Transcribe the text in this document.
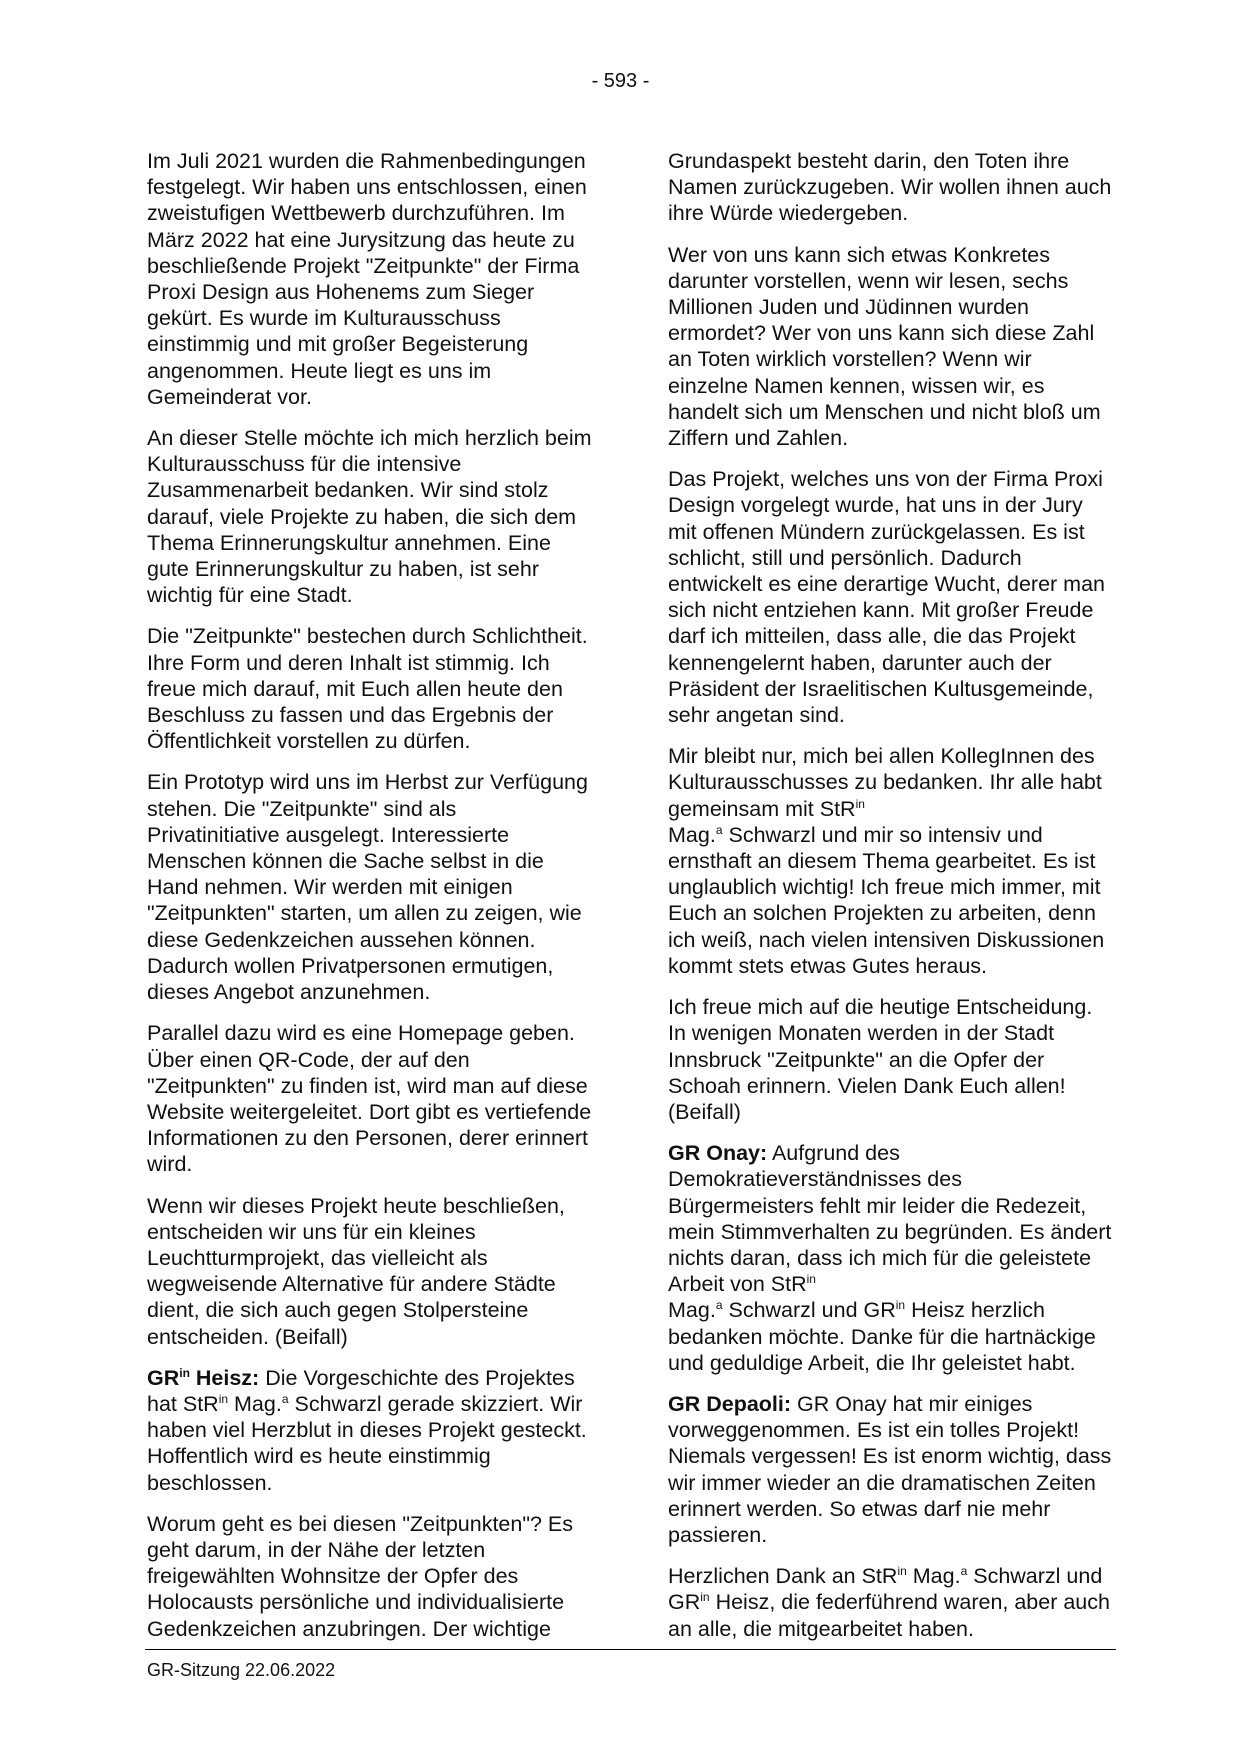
- 593 -

Im Juli 2021 wurden die Rahmenbedingungen festgelegt. Wir haben uns entschlossen, einen zweistufigen Wettbewerb durchzuführen. Im März 2022 hat eine Jurysitzung das heute zu beschließende Projekt "Zeitpunkte" der Firma Proxi Design aus Hohenems zum Sieger gekürt. Es wurde im Kulturausschuss einstimmig und mit großer Begeisterung angenommen. Heute liegt es uns im Gemeinderat vor.

An dieser Stelle möchte ich mich herzlich beim Kulturausschuss für die intensive Zusammenarbeit bedanken. Wir sind stolz darauf, viele Projekte zu haben, die sich dem Thema Erinnerungskultur annehmen. Eine gute Erinnerungskultur zu haben, ist sehr wichtig für eine Stadt.

Die "Zeitpunkte" bestechen durch Schlichtheit. Ihre Form und deren Inhalt ist stimmig. Ich freue mich darauf, mit Euch allen heute den Beschluss zu fassen und das Ergebnis der Öffentlichkeit vorstellen zu dürfen.

Ein Prototyp wird uns im Herbst zur Verfügung stehen. Die "Zeitpunkte" sind als Privatinitiative ausgelegt. Interessierte Menschen können die Sache selbst in die Hand nehmen. Wir werden mit einigen "Zeitpunkten" starten, um allen zu zeigen, wie diese Gedenkzeichen aussehen können. Dadurch wollen Privatpersonen ermutigen, dieses Angebot anzunehmen.

Parallel dazu wird es eine Homepage geben. Über einen QR-Code, der auf den "Zeitpunkten" zu finden ist, wird man auf diese Website weitergeleitet. Dort gibt es vertiefende Informationen zu den Personen, derer erinnert wird.

Wenn wir dieses Projekt heute beschließen, entscheiden wir uns für ein kleines Leuchtturmprojekt, das vielleicht als wegweisende Alternative für andere Städte dient, die sich auch gegen Stolpersteine entscheiden. (Beifall)

$GR^{in}$ Heisz: Die Vorgeschichte des Projektes hat StR$^{in}$ Mag.$^a$ Schwarzl gerade skizziert. Wir haben viel Herzblut in dieses Projekt gesteckt. Hoffentlich wird es heute einstimmig beschlossen.

Worum geht es bei diesen "Zeitpunkten"? Es geht darum, in der Nähe der letzten freigewählten Wohnsitze der Opfer des Holocausts persönliche und individualisierte Gedenkzeichen anzubringen. Der wichtige

Grundaspekt besteht darin, den Toten ihre Namen zurückzugeben. Wir wollen ihnen auch ihre Würde wiedergeben.

Wer von uns kann sich etwas Konkretes darunter vorstellen, wenn wir lesen, sechs Millionen Juden und Jüdinnen wurden ermordet? Wer von uns kann sich diese Zahl an Toten wirklich vorstellen? Wenn wir einzelne Namen kennen, wissen wir, es handelt sich um Menschen und nicht bloß um Ziffern und Zahlen.

Das Projekt, welches uns von der Firma Proxi Design vorgelegt wurde, hat uns in der Jury mit offenen Mündern zurückgelassen. Es ist schlicht, still und persönlich. Dadurch entwickelt es eine derartige Wucht, derer man sich nicht entziehen kann. Mit großer Freude darf ich mitteilen, dass alle, die das Projekt kennengelernt haben, darunter auch der Präsident der Israelitischen Kultusgemeinde, sehr angetan sind.

Mir bleibt nur, mich bei allen KollegInnen des Kulturausschusses zu bedanken. Ihr alle habt gemeinsam mit StR$^{in}$
Mag.$^a$ Schwarzl und mir so intensiv und ernsthaft an diesem Thema gearbeitet. Es ist unglaublich wichtig! Ich freue mich immer, mit Euch an solchen Projekten zu arbeiten, denn ich weiß, nach vielen intensiven Diskussionen kommt stets etwas Gutes heraus.

Ich freue mich auf die heutige Entscheidung. In wenigen Monaten werden in der Stadt Innsbruck "Zeitpunkte" an die Opfer der Schoah erinnern. Vielen Dank Euch allen! (Beifall)

GR Onay: Aufgrund des Demokratieverständnisses des Bürgermeisters fehlt mir leider die Redezeit, mein Stimmverhalten zu begründen. Es ändert nichts daran, dass ich mich für die geleistete Arbeit von StR$^{in}$
Mag.$^a$ Schwarzl und $GR^{in}$ Heisz herzlich bedanken möchte. Danke für die hartnäckige und geduldige Arbeit, die Ihr geleistet habt.

GR Depaoli: GR Onay hat mir einiges vorweggenommen. Es ist ein tolles Projekt! Niemals vergessen! Es ist enorm wichtig, dass wir immer wieder an die dramatischen Zeiten erinnert werden. So etwas darf nie mehr passieren.

Herzlichen Dank an StR$^{in}$ Mag.$^a$ Schwarzl und $GR^{in}$ Heisz, die federführend waren, aber auch an alle, die mitgearbeitet haben.

GR-Sitzung 22.06.2022
